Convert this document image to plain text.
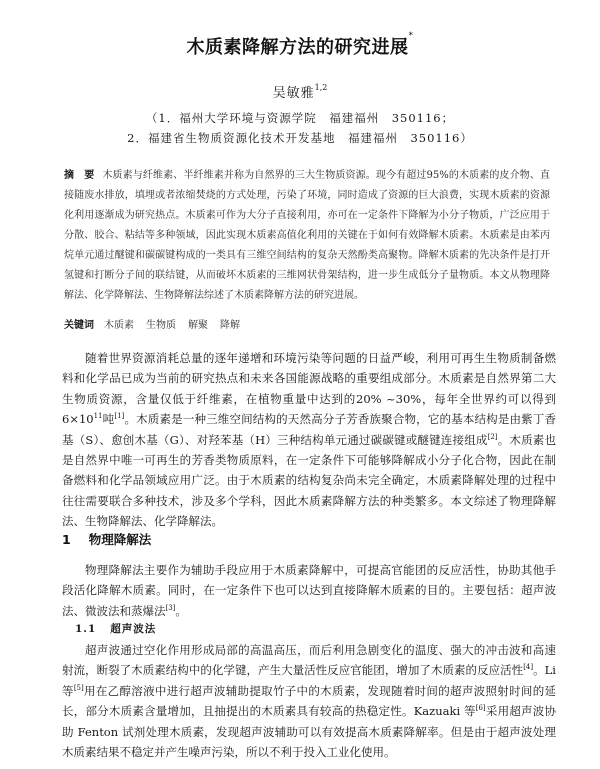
木质素降解方法的研究进展*
吴敏雅$^{1,2}$
（1．福州大学环境与资源学院　福建福州　350116；
2．福建省生物质资源化技术开发基地　福建福州　350116）

摘　要 木质素与纤维素、半纤维素并称为自然界的三大生物质资源。现今有超过95%的木质素的皮介物、直接随废水排放，填埋或者浓缩焚烧的方式处理，污染了环境，同时造成了资源的巨大浪费，实现木质素的资源化利用逐渐成为研究热点。木质素可作为大分子直接利用，亦可在一定条件下降解为小分子物质，广泛应用于分散、胶合、粘结等多种领域，因此实现木质素高值化利用的关键在于如何有效降解木质素。木质素是由苯丙烷单元通过醚键和碳碳键构成的一类具有三维空间结构的复杂天然酚类高聚物。降解木质素的先决条件是打开氢键和打断分子间的联结键，从而破坏木质素的三维网状骨架结构，进一步生成低分子量物质。本文从物理降解法、化学降解法、生物降解法综述了木质素降解方法的研究进展。

关键词 木质素 生物质 解聚 降解

随着世界资源消耗总量的逐年递增和环境污染等问题的日益严峻，利用可再生生物质制备燃料和化学品已成为当前的研究热点和未来各国能源战略的重要组成部分。木质素是自然界第二大生物质资源，含量仅低于纤维素，在植物重量中达到的20% ~30%，每年全世界约可以得到$6\times 10^{11}$吨[1]。木质素是一种三维空间结构的天然高分子芳香族聚合物，它的基本结构是由紫丁香基（S）、愈创木基（G）、对羟苯基（H）三种结构单元通过碳碳键或醚键连接组成[2]。木质素也是自然界中唯一可再生的芳香类物质原料，在一定条件下可能够降解成小分子化合物，因此在制备燃料和化学品领域应用广泛。由于木质素的结构复杂尚未完全确定，木质素降解处理的过程中往往需要联合多种技术，涉及多个学科，因此木质素降解方法的种类繁多。本文综述了物理降解法、生物降解法、化学降解法。

1 物理降解法

物理降解法主要作为辅助手段应用于木质素降解中，可提高官能团的反应活性，协助其他手段活化降解木质素。同时，在一定条件下也可以达到直接降解木质素的目的。主要包括：超声波法、微波法和蒸爆法[3]。

1.1 超声波法

超声波通过空化作用形成局部的高温高压，而后利用急剧变化的温度、强大的冲击波和高速射流，断裂了木质素结构中的化学键，产生大量活性反应官能团，增加了木质素的反应活性[4]。Li 等[5]用在乙醇溶液中进行超声波辅助提取竹子中的木质素，发现随着时间的超声波照射时间的延长，部分木质素含量增加，且抽提出的木质素具有较高的热稳定性。Kazuaki 等[6]采用超声波协助 Fenton 试剂处理木质素，发现超声波辅助可以有效提高木质素降解率。但是由于超声波处理木质素结果不稳定并产生噪声污染，所以不利于投入工业化使用。
